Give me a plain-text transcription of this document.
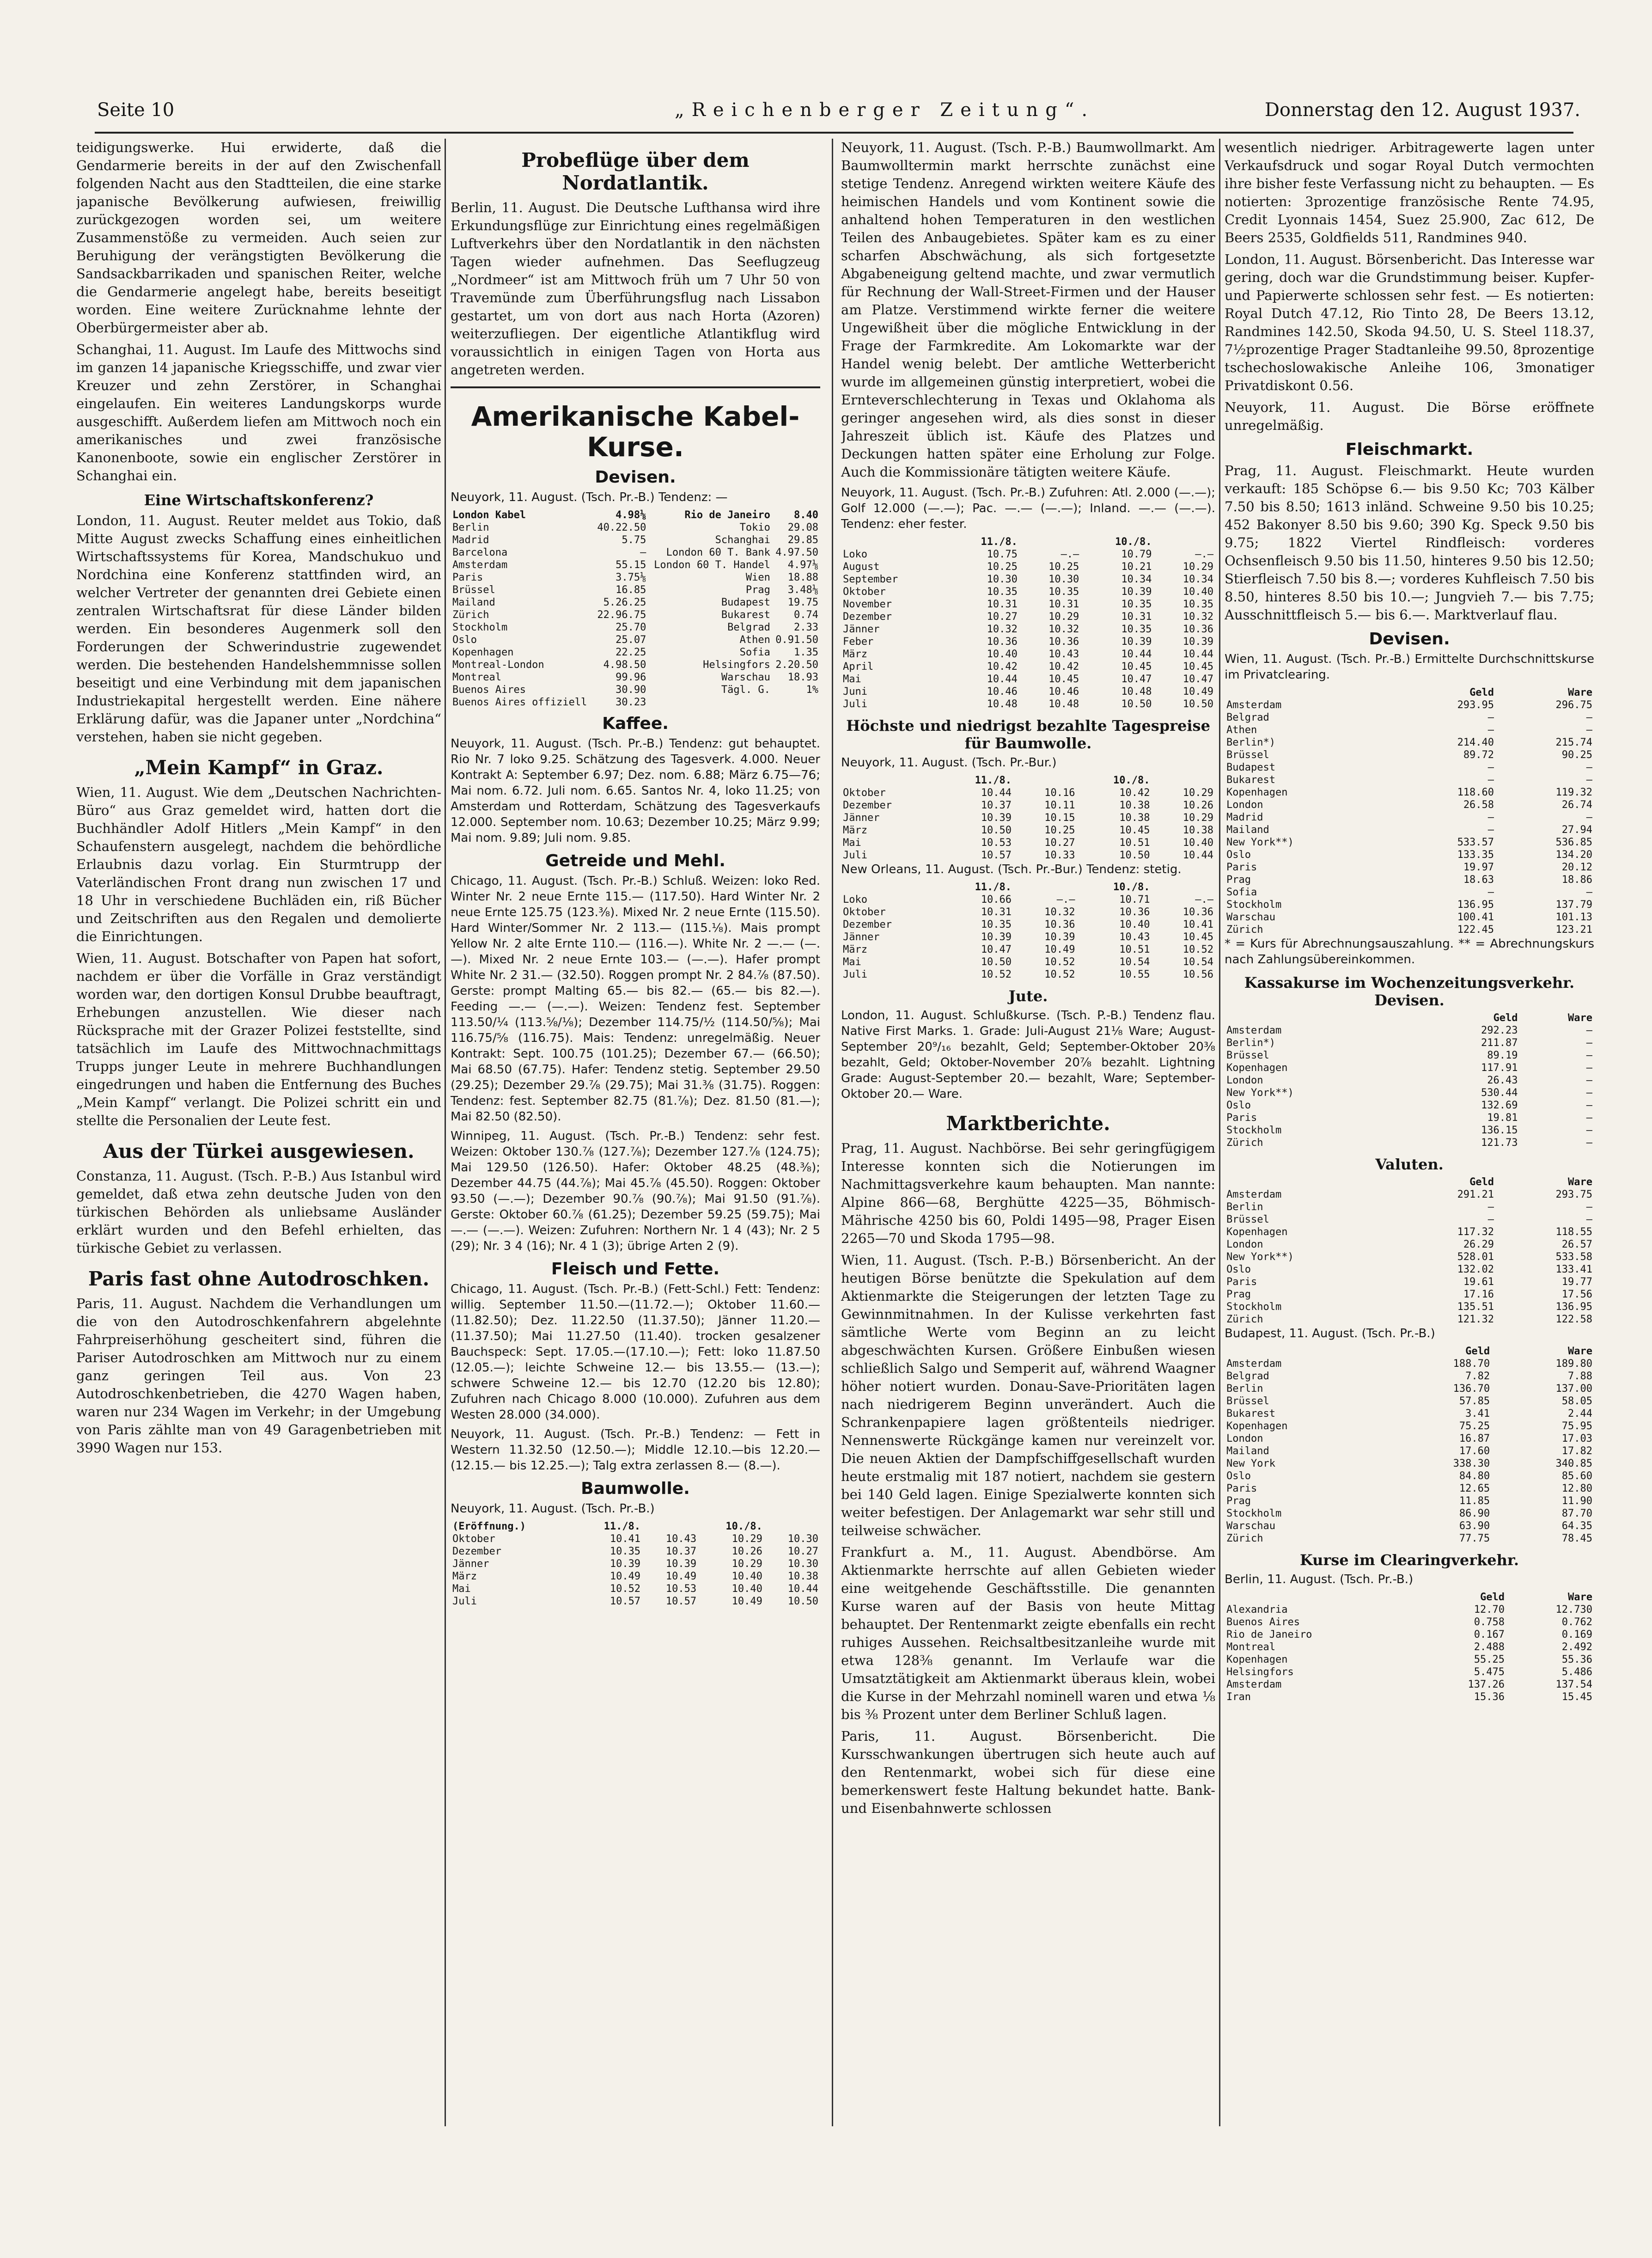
Seite 10	„Reichenberger Zeitung“.	Donnerstag den 12. August 1937.

teidigungswerke. Hui erwiderte, daß die Gendarmerie bereits in der auf den Zwischenfall folgenden Nacht aus den Stadtteilen, die eine starke japanische Bevölkerung aufwiesen, freiwillig zurückgezogen worden sei, um weitere Zusammenstöße zu vermeiden. Auch seien zur Beruhigung der verängstigten Bevölkerung die Sandsackbarrikaden und spanischen Reiter, welche die Gendarmerie angelegt habe, bereits beseitigt worden. Eine weitere Zurücknahme lehnte der Oberbürgermeister aber ab.

Schanghai, 11. August. Im Laufe des Mittwochs sind im ganzen 14 japanische Kriegsschiffe, und zwar vier Kreuzer und zehn Zerstörer, in Schanghai eingelaufen. Ein weiteres Landungskorps wurde ausgeschifft. Außerdem liefen am Mittwoch noch ein amerikanisches und zwei französische Kanonenboote, sowie ein englischer Zerstörer in Schanghai ein.

Eine Wirtschaftskonferenz?

London, 11. August. Reuter meldet aus Tokio, daß Mitte August zwecks Schaffung eines einheitlichen Wirtschaftssystems für Korea, Mandschukuo und Nordchina eine Konferenz stattfinden wird, an welcher Vertreter der genannten drei Gebiete einen zentralen Wirtschaftsrat für diese Länder bilden werden. Ein besonderes Augenmerk soll den Forderungen der Schwerindustrie zugewendet werden. Die bestehenden Handelshemmnisse sollen beseitigt und eine Verbindung mit dem japanischen Industriekapital hergestellt werden. Eine nähere Erklärung dafür, was die Japaner unter „Nordchina“ verstehen, haben sie nicht gegeben.

„Mein Kampf“ in Graz.

Wien, 11. August. Wie dem „Deutschen Nachrichten-Büro“ aus Graz gemeldet wird, hatten dort die Buchhändler Adolf Hitlers „Mein Kampf“ in den Schaufenstern ausgelegt, nachdem die behördliche Erlaubnis dazu vorlag. Ein Sturmtrupp der Vaterländischen Front drang nun zwischen 17 und 18 Uhr in verschiedene Buchläden ein, riß Bücher und Zeitschriften aus den Regalen und demolierte die Einrichtungen.

Wien, 11. August. Botschafter von Papen hat sofort, nachdem er über die Vorfälle in Graz verständigt worden war, den dortigen Konsul Drubbe beauftragt, Erhebungen anzustellen. Wie dieser nach Rücksprache mit der Grazer Polizei feststellte, sind tatsächlich im Laufe des Mittwochnachmittags Trupps junger Leute in mehrere Buchhandlungen eingedrungen und haben die Entfernung des Buches „Mein Kampf“ verlangt. Die Polizei schritt ein und stellte die Personalien der Leute fest.

Aus der Türkei ausgewiesen.

Constanza, 11. August. (Tsch. P.-B.) Aus Istanbul wird gemeldet, daß etwa zehn deutsche Juden von den türkischen Behörden als unliebsame Ausländer erklärt wurden und den Befehl erhielten, das türkische Gebiet zu verlassen.

Paris fast ohne Autodroschken.

Paris, 11. August. Nachdem die Verhandlungen um die von den Autodroschkenfahrern abgelehnte Fahrpreiserhöhung gescheitert sind, führen die Pariser Autodroschken am Mittwoch nur zu einem ganz geringen Teil aus. Von 23 Autodroschkenbetrieben, die 4270 Wagen haben, waren nur 234 Wagen im Verkehr; in der Umgebung von Paris zählte man von 49 Garagenbetrieben mit 3990 Wagen nur 153.

Probeflüge über dem Nordatlantik.

Berlin, 11. August. Die Deutsche Lufthansa wird ihre Erkundungsflüge zur Einrichtung eines regelmäßigen Luftverkehrs über den Nordatlantik in den nächsten Tagen wieder aufnehmen. Das Seeflugzeug „Nordmeer“ ist am Mittwoch früh um 7 Uhr 50 von Travemünde zum Überführungsflug nach Lissabon gestartet, um von dort aus nach Horta (Azoren) weiterzufliegen. Der eigentliche Atlantikflug wird voraussichtlich in einigen Tagen von Horta aus angetreten werden.

Amerikanische Kabel-Kurse.
Devisen.

Neuyork, 11. August. (Tsch. Pr.-B.) Tendenz: —

London Kabel	4.98⅛	Rio de Janeiro	8.40
Berlin	40.22.50	Tokio	29.08
Madrid	5.75	Schanghai	29.85
Barcelona	—	London 60 T. Bank	4.97.50
Amsterdam	55.15	London 60 T. Handel	4.97⅛
Paris	3.75⅛	Wien	18.88
Brüssel	16.85	Prag	3.48⅛
Mailand	5.26.25	Budapest	19.75
Zürich	22.96.75	Bukarest	0.74
Stockholm	25.70	Belgrad	2.33
Oslo	25.07	Athen	0.91.50
Kopenhagen	22.25	Sofia	1.35
Montreal-London	4.98.50	Helsingfors	2.20.50
Montreal	99.96	Warschau	18.93
Buenos Aires	30.90	Tägl. G.	1%
Buenos Aires offiziell	30.23		
Kaffee.

Neuyork, 11. August. (Tsch. Pr.-B.) Tendenz: gut behauptet. Rio Nr. 7 loko 9.25. Schätzung des Tagesverk. 4.000. Neuer Kontrakt A: September 6.97; Dez. nom. 6.88; März 6.75—76; Mai nom. 6.72. Juli nom. 6.65. Santos Nr. 4, loko 11.25; von Amsterdam und Rotterdam, Schätzung des Tagesverkaufs 12.000. September nom. 10.63; Dezember 10.25; März 9.99; Mai nom. 9.89; Juli nom. 9.85.

Getreide und Mehl.

Chicago, 11. August. (Tsch. Pr.-B.) Schluß. Weizen: loko Red. Winter Nr. 2 neue Ernte 115.— (117.50). Hard Winter Nr. 2 neue Ernte 125.75 (123.⅜). Mixed Nr. 2 neue Ernte (115.50). Hard Winter/Sommer Nr. 2 113.— (115.⅛). Mais prompt Yellow Nr. 2 alte Ernte 110.— (116.—). White Nr. 2 —.— (—.—). Mixed Nr. 2 neue Ernte 103.— (—.—). Hafer prompt White Nr. 2 31.— (32.50). Roggen prompt Nr. 2 84.⅞ (87.50). Gerste: prompt Malting 65.— bis 82.— (65.— bis 82.—). Feeding —.— (—.—). Weizen: Tendenz fest. September 113.50/¼ (113.⅝/⅛); Dezember 114.75/½ (114.50/⅝); Mai 116.75/⅝ (116.75). Mais: Tendenz: unregelmäßig. Neuer Kontrakt: Sept. 100.75 (101.25); Dezember 67.— (66.50); Mai 68.50 (67.75). Hafer: Tendenz stetig. September 29.50 (29.25); Dezember 29.⅞ (29.75); Mai 31.⅜ (31.75). Roggen: Tendenz: fest. September 82.75 (81.⅞); Dez. 81.50 (81.—); Mai 82.50 (82.50).

Winnipeg, 11. August. (Tsch. Pr.-B.) Tendenz: sehr fest. Weizen: Oktober 130.⅞ (127.⅞); Dezember 127.⅞ (124.75); Mai 129.50 (126.50). Hafer: Oktober 48.25 (48.⅜); Dezember 44.75 (44.⅞); Mai 45.⅞ (45.50). Roggen: Oktober 93.50 (—.—); Dezember 90.⅞ (90.⅞); Mai 91.50 (91.⅞). Gerste: Oktober 60.⅞ (61.25); Dezember 59.25 (59.75); Mai —.— (—.—). Weizen: Zufuhren: Northern Nr. 1 4 (43); Nr. 2 5 (29); Nr. 3 4 (16); Nr. 4 1 (3); übrige Arten 2 (9).

Fleisch und Fette.

Chicago, 11. August. (Tsch. Pr.-B.) (Fett-Schl.) Fett: Tendenz: willig. September 11.50.—(11.72.—); Oktober 11.60.—(11.82.50); Dez. 11.22.50 (11.37.50); Jänner 11.20.—(11.37.50); Mai 11.27.50 (11.40). trocken gesalzener Bauchspeck: Sept. 17.05.—(17.10.—); Fett: loko 11.87.50 (12.05.—); leichte Schweine 12.— bis 13.55.— (13.—); schwere Schweine 12.— bis 12.70 (12.20 bis 12.80); Zufuhren nach Chicago 8.000 (10.000). Zufuhren aus dem Westen 28.000 (34.000).

Neuyork, 11. August. (Tsch. Pr.-B.) Tendenz: — Fett in Western 11.32.50 (12.50.—); Middle 12.10.—bis 12.20.— (12.15.— bis 12.25.—); Talg extra zerlassen 8.— (8.—).

Baumwolle.

Neuyork, 11. August. (Tsch. Pr.-B.)

(Eröffnung.)	11./8.		10./8.	
Oktober	10.41	10.43	10.29	10.30
Dezember	10.35	10.37	10.26	10.27
Jänner	10.39	10.39	10.29	10.30
März	10.49	10.49	10.40	10.38
Mai	10.52	10.53	10.40	10.44
Juli	10.57	10.57	10.49	10.50

Neuyork, 11. August. (Tsch. P.-B.) Baumwollmarkt. Am Baumwolltermin markt herrschte zunächst eine stetige Tendenz. Anregend wirkten weitere Käufe des heimischen Handels und vom Kontinent sowie die anhaltend hohen Temperaturen in den westlichen Teilen des Anbaugebietes. Später kam es zu einer scharfen Abschwächung, als sich fortgesetzte Abgabeneigung geltend machte, und zwar vermutlich für Rechnung der Wall-Street-Firmen und der Hauser am Platze. Verstimmend wirkte ferner die weitere Ungewißheit über die mögliche Entwicklung in der Frage der Farmkredite. Am Lokomarkte war der Handel wenig belebt. Der amtliche Wetterbericht wurde im allgemeinen günstig interpretiert, wobei die Ernteverschlechterung in Texas und Oklahoma als geringer angesehen wird, als dies sonst in dieser Jahreszeit üblich ist. Käufe des Platzes und Deckungen hatten später eine Erholung zur Folge. Auch die Kommissionäre tätigten weitere Käufe.

Neuyork, 11. August. (Tsch. Pr.-B.) Zufuhren: Atl. 2.000 (—.—); Golf 12.000 (—.—); Pac. —.— (—.—); Inland. —.— (—.—). Tendenz: eher fester.

	11./8.		10./8.	
Loko	10.75	—.—	10.79	—.—
August	10.25	10.25	10.21	10.29
September	10.30	10.30	10.34	10.34
Oktober	10.35	10.35	10.39	10.40
November	10.31	10.31	10.35	10.35
Dezember	10.27	10.29	10.31	10.32
Jänner	10.32	10.32	10.35	10.36
Feber	10.36	10.36	10.39	10.39
März	10.40	10.43	10.44	10.44
April	10.42	10.42	10.45	10.45
Mai	10.44	10.45	10.47	10.47
Juni	10.46	10.46	10.48	10.49
Juli	10.48	10.48	10.50	10.50
Höchste und niedrigst bezahlte Tagespreise für Baumwolle.

Neuyork, 11. August. (Tsch. Pr.-Bur.)

	11./8.		10./8.	
Oktober	10.44	10.16	10.42	10.29
Dezember	10.37	10.11	10.38	10.26
Jänner	10.39	10.15	10.38	10.29
März	10.50	10.25	10.45	10.38
Mai	10.53	10.27	10.51	10.40
Juli	10.57	10.33	10.50	10.44

New Orleans, 11. August. (Tsch. Pr.-Bur.) Tendenz: stetig.

	11./8.		10./8.	
Loko	10.66	—.—	10.71	—.—
Oktober	10.31	10.32	10.36	10.36
Dezember	10.35	10.36	10.40	10.41
Jänner	10.39	10.39	10.43	10.45
März	10.47	10.49	10.51	10.52
Mai	10.50	10.52	10.54	10.54
Juli	10.52	10.52	10.55	10.56
Jute.

London, 11. August. Schlußkurse. (Tsch. P.-B.) Tendenz flau. Native First Marks. 1. Grade: Juli-August 21⅛ Ware; August-September 20⁹/₁₆ bezahlt, Geld; September-Oktober 20⅜ bezahlt, Geld; Oktober-November 20⅞ bezahlt. Lightning Grade: August-September 20.— bezahlt, Ware; September-Oktober 20.— Ware.

Marktberichte.

Prag, 11. August. Nachbörse. Bei sehr geringfügigem Interesse konnten sich die Notierungen im Nachmittagsverkehre kaum behaupten. Man nannte: Alpine 866—68, Berghütte 4225—35, Böhmisch-Mährische 4250 bis 60, Poldi 1495—98, Prager Eisen 2265—70 und Skoda 1795—98.

Wien, 11. August. (Tsch. P.-B.) Börsenbericht. An der heutigen Börse benützte die Spekulation auf dem Aktienmarkte die Steigerungen der letzten Tage zu Gewinnmitnahmen. In der Kulisse verkehrten fast sämtliche Werte vom Beginn an zu leicht abgeschwächten Kursen. Größere Einbußen wiesen schließlich Salgo und Semperit auf, während Waagner höher notiert wurden. Donau-Save-Prioritäten lagen nach niedrigerem Beginn unverändert. Auch die Schrankenpapiere lagen größtenteils niedriger. Nennenswerte Rückgänge kamen nur vereinzelt vor. Die neuen Aktien der Dampfschiffgesellschaft wurden heute erstmalig mit 187 notiert, nachdem sie gestern bei 140 Geld lagen. Einige Spezialwerte konnten sich weiter befestigen. Der Anlagemarkt war sehr still und teilweise schwächer.

Frankfurt a. M., 11. August. Abendbörse. Am Aktienmarkte herrschte auf allen Gebieten wieder eine weitgehende Geschäftsstille. Die genannten Kurse waren auf der Basis von heute Mittag behauptet. Der Rentenmarkt zeigte ebenfalls ein recht ruhiges Aussehen. Reichsaltbesitzanleihe wurde mit etwa 128⅜ genannt. Im Verlaufe war die Umsatztätigkeit am Aktienmarkt überaus klein, wobei die Kurse in der Mehrzahl nominell waren und etwa ⅛ bis ⅜ Prozent unter dem Berliner Schluß lagen.

Paris, 11. August. Börsenbericht. Die Kursschwankungen übertrugen sich heute auch auf den Rentenmarkt, wobei sich für diese eine bemerkenswert feste Haltung bekundet hatte. Bank- und Eisenbahnwerte schlossen

wesentlich niedriger. Arbitragewerte lagen unter Verkaufsdruck und sogar Royal Dutch vermochten ihre bisher feste Verfassung nicht zu behaupten. — Es notierten: 3prozentige französische Rente 74.95, Credit Lyonnais 1454, Suez 25.900, Zac 612, De Beers 2535, Goldfields 511, Randmines 940.

London, 11. August. Börsenbericht. Das Interesse war gering, doch war die Grundstimmung beiser. Kupfer- und Papierwerte schlossen sehr fest. — Es notierten: Royal Dutch 47.12, Rio Tinto 28, De Beers 13.12, Randmines 142.50, Skoda 94.50, U. S. Steel 118.37, 7½prozentige Prager Stadtanleihe 99.50, 8prozentige tschechoslowakische Anleihe 106, 3monatiger Privatdiskont 0.56.

Neuyork, 11. August. Die Börse eröffnete unregelmäßig.

Fleischmarkt.

Prag, 11. August. Fleischmarkt. Heute wurden verkauft: 185 Schöpse 6.— bis 9.50 Kc; 703 Kälber 7.50 bis 8.50; 1613 inländ. Schweine 9.50 bis 10.25; 452 Bakonyer 8.50 bis 9.60; 390 Kg. Speck 9.50 bis 9.75; 1822 Viertel Rindfleisch: vorderes Ochsenfleisch 9.50 bis 11.50, hinteres 9.50 bis 12.50; Stierfleisch 7.50 bis 8.—; vorderes Kuhfleisch 7.50 bis 8.50, hinteres 8.50 bis 10.—; Jungvieh 7.— bis 7.75; Ausschnittfleisch 5.— bis 6.—. Marktverlauf flau.

Devisen.

Wien, 11. August. (Tsch. Pr.-B.) Ermittelte Durchschnittskurse im Privatclearing.

	Geld	Ware
Amsterdam	293.95	296.75
Belgrad	—	—
Athen	—	—
Berlin*)	214.40	215.74
Brüssel	89.72	90.25
Budapest	—	—
Bukarest	—	—
Kopenhagen	118.60	119.32
London	26.58	26.74
Madrid	—	—
Mailand	—	27.94
New York**)	533.57	536.85
Oslo	133.35	134.20
Paris	19.97	20.12
Prag	18.63	18.86
Sofia	—	—
Stockholm	136.95	137.79
Warschau	100.41	101.13
Zürich	122.45	123.21

* = Kurs für Abrechnungsauszahlung. ** = Abrechnungskurs nach Zahlungsübereinkommen.

Kassakurse im Wochenzeitungsverkehr. Devisen.
	Geld	Ware
Amsterdam	292.23	—
Berlin*)	211.87	—
Brüssel	89.19	—
Kopenhagen	117.91	—
London	26.43	—
New York**)	530.44	—
Oslo	132.69	—
Paris	19.81	—
Stockholm	136.15	—
Zürich	121.73	—
Valuten.
	Geld	Ware
Amsterdam	291.21	293.75
Berlin	—	—
Brüssel	—	—
Kopenhagen	117.32	118.55
London	26.29	26.57
New York**)	528.01	533.58
Oslo	132.02	133.41
Paris	19.61	19.77
Prag	17.16	17.56
Stockholm	135.51	136.95
Zürich	121.32	122.58

Budapest, 11. August. (Tsch. Pr.-B.)

	Geld	Ware
Amsterdam	188.70	189.80
Belgrad	7.82	7.88
Berlin	136.70	137.00
Brüssel	57.85	58.05
Bukarest	3.41	2.44
Kopenhagen	75.25	75.95
London	16.87	17.03
Mailand	17.60	17.82
New York	338.30	340.85
Oslo	84.80	85.60
Paris	12.65	12.80
Prag	11.85	11.90
Stockholm	86.90	87.70
Warschau	63.90	64.35
Zürich	77.75	78.45
Kurse im Clearingverkehr.

Berlin, 11. August. (Tsch. Pr.-B.)

	Geld	Ware
Alexandria	12.70	12.730
Buenos Aires	0.758	0.762
Rio de Janeiro	0.167	0.169
Montreal	2.488	2.492
Kopenhagen	55.25	55.36
Helsingfors	5.475	5.486
Amsterdam	137.26	137.54
Iran	15.36	15.45
